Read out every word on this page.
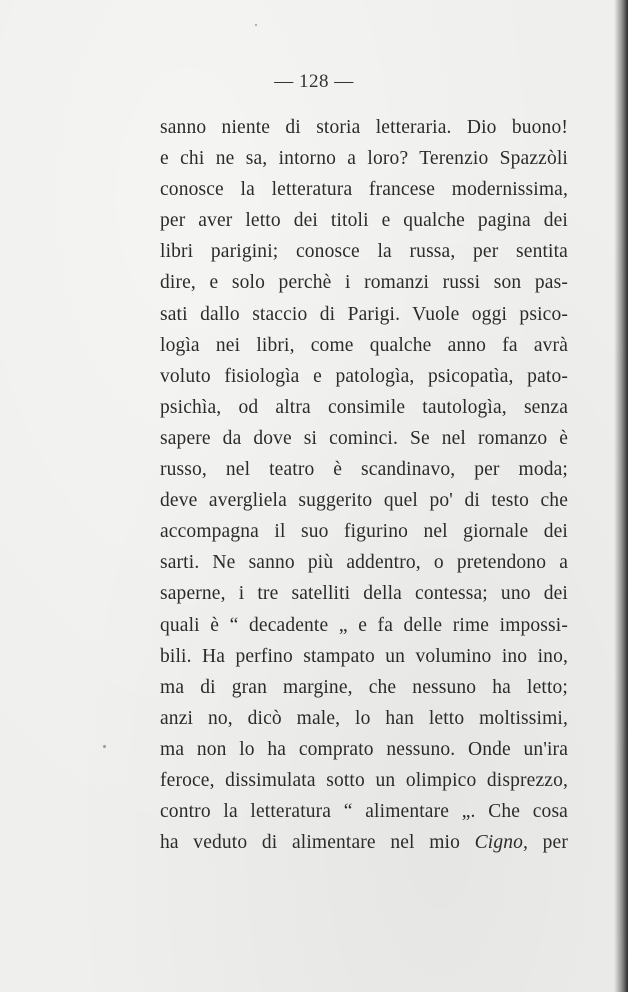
— 128 —
sanno niente di storia letteraria. Dio buono!
e chi ne sa, intorno a loro? Terenzio Spazzòli
conosce la letteratura francese modernissima,
per aver letto dei titoli e qualche pagina dei
libri parigini; conosce la russa, per sentita
dire, e solo perchè i romanzi russi son pas-
sati dallo staccio di Parigi. Vuole oggi psico-
logìa nei libri, come qualche anno fa avrà
voluto fisiologìa e patologìa, psicopatìa, pato-
psichìa, od altra consimile tautologìa, senza
sapere da dove si cominci. Se nel romanzo è
russo, nel teatro è scandinavo, per moda;
deve avergliela suggerito quel po' di testo che
accompagna il suo figurino nel giornale dei
sarti. Ne sanno più addentro, o pretendono a
saperne, i tre satelliti della contessa; uno dei
quali è “ decadente „ e fa delle rime impossi-
bili. Ha perfino stampato un volumino ino ino,
ma di gran margine, che nessuno ha letto;
anzi no, dicò male, lo han letto moltissimi,
ma non lo ha comprato nessuno. Onde un'ira
feroce, dissimulata sotto un olimpico disprezzo,
contro la letteratura “ alimentare „. Che cosa
ha veduto di alimentare nel mio Cigno, per
